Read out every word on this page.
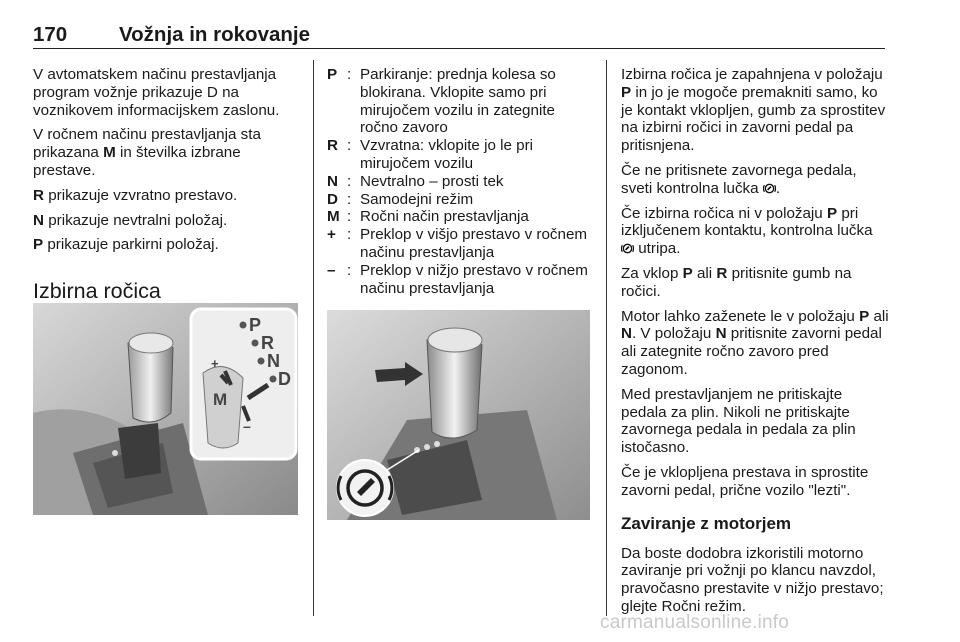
170	Vožnja in rokovanje

V avtomatskem načinu prestavljanja program vožnje prikazuje D na voznikovem informacijskem zaslonu.

V ročnem načinu prestavljanja sta prikazana M in številka izbrane prestave.

R prikazuje vzvratno prestavo.

N prikazuje nevtralni položaj.

P prikazuje parkirni položaj.

Izbirna ročica
P
R
N
D
M
+
–
P : Parkiranje: prednja kolesa so blokirana. Vklopite samo pri mirujočem vozilu in zategnite ročno zavoro
R : Vzvratna: vklopite jo le pri mirujočem vozilu
N : Nevtralno – prosti tek
D : Samodejni režim
M : Ročni način prestavljanja
+ : Preklop v višjo prestavo v ročnem načinu prestavljanja
– : Preklop v nižjo prestavo v ročnem načinu prestavljanja

Izbirna ročica je zapahnjena v položaju P in jo je mogoče premakniti samo, ko je kontakt vklopljen, gumb za sprostitev na izbirni ročici in zavorni pedal pa pritisnjena.

Če ne pritisnete zavornega pedala, sveti kontrolna lučka .

Če izbirna ročica ni v položaju P pri izključenem kontaktu, kontrolna lučka  utripa.

Za vklop P ali R pritisnite gumb na ročici.

Motor lahko zaženete le v položaju P ali N. V položaju N pritisnite zavorni pedal ali zategnite ročno zavoro pred zagonom.

Med prestavljanjem ne pritiskajte pedala za plin. Nikoli ne pritiskajte zavornega pedala in pedala za plin istočasno.

Če je vklopljena prestava in sprostite zavorni pedal, pričnе vozilo "lezti".

Zaviranje z motorjem

Da boste dodobra izkoristili motorno zaviranje pri vožnji po klancu navzdol, pravočasno prestavite v nižjo prestavo; glejte Ročni režim.

carmanualsonline.info
